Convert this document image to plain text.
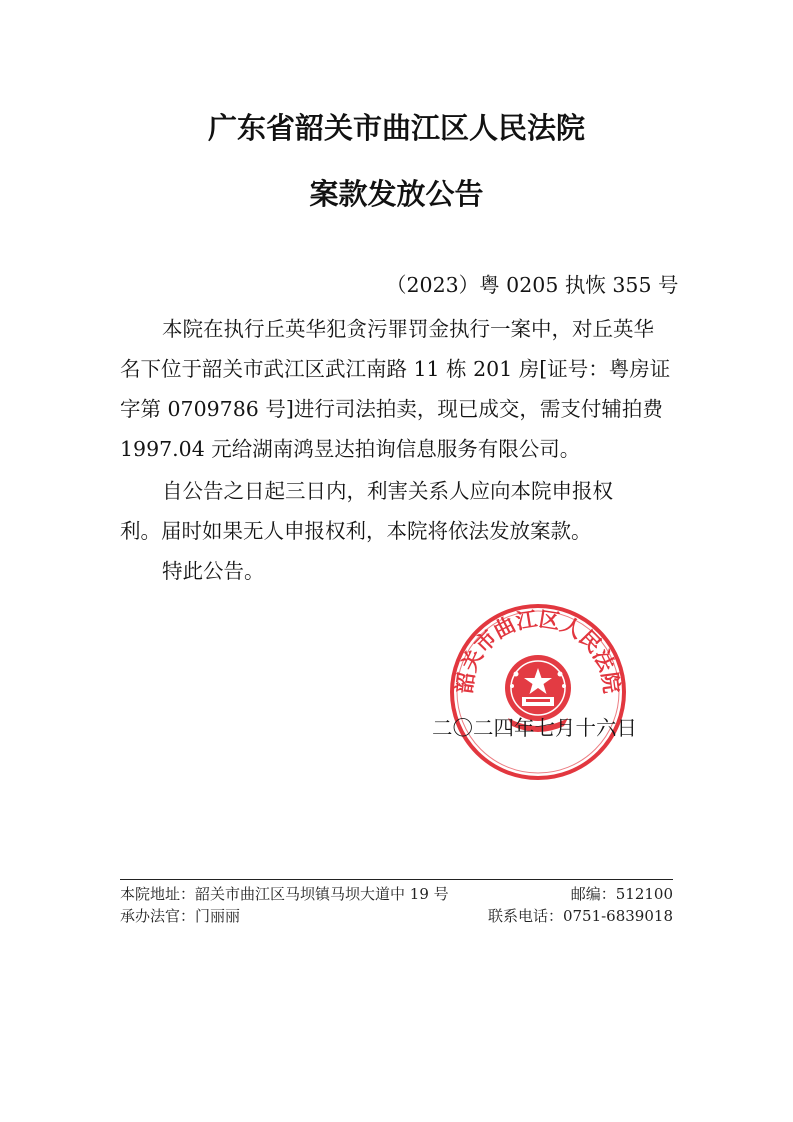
广东省韶关市曲江区人民法院
案款发放公告
（2023）粤 0205 执恢 355 号
本院在执行丘英华犯贪污罪罚金执行一案中，对丘英华
名下位于韶关市武江区武江南路 11 栋 201 房[证号：粤房证
字第 0709786 号]进行司法拍卖，现已成交，需支付辅拍费
1997.04 元给湖南鸿昱达拍询信息服务有限公司。
自公告之日起三日内，利害关系人应向本院申报权
利。届时如果无人申报权利，本院将依法发放案款。
特此公告。
韶关市曲江区人民法院
二〇二四年七月十六日
本院地址：韶关市曲江区马坝镇马坝大道中 19 号	邮编：512100
承办法官：门丽丽	联系电话：0751-6839018
